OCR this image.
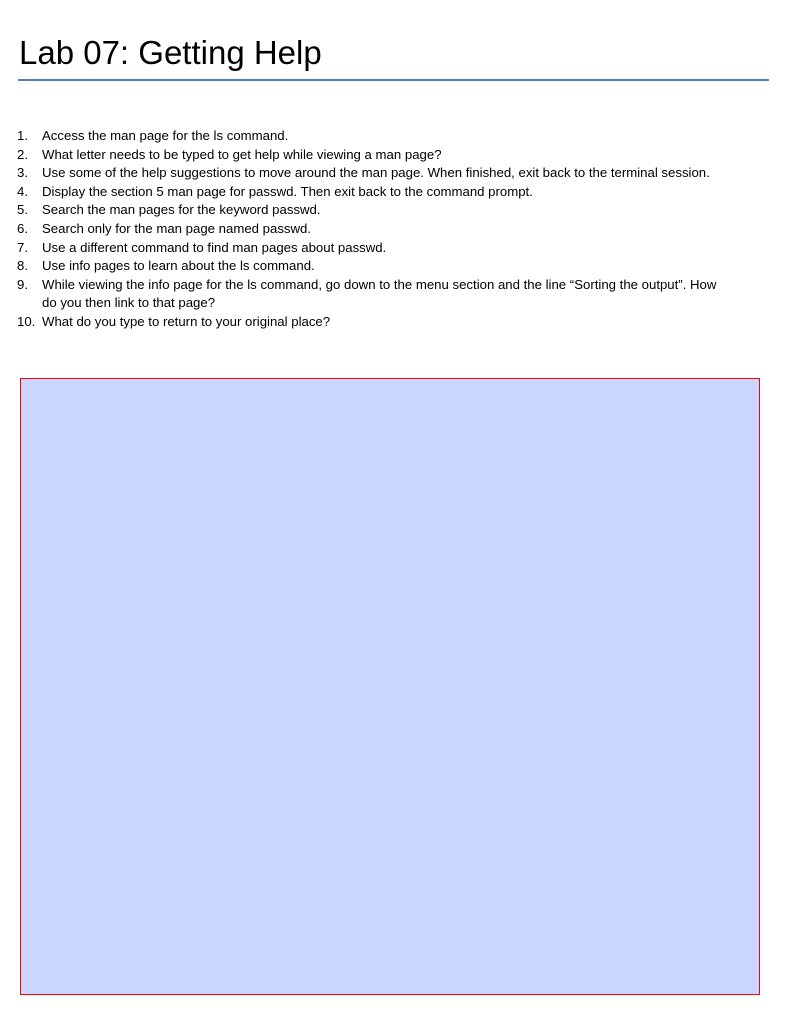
Lab 07: Getting Help
1. Access the man page for the ls command.
2. What letter needs to be typed to get help while viewing a man page?
3. Use some of the help suggestions to move around the man page. When finished, exit back to the terminal session.
4. Display the section 5 man page for passwd. Then exit back to the command prompt.
5. Search the man pages for the keyword passwd.
6. Search only for the man page named passwd.
7. Use a different command to find man pages about passwd.
8. Use info pages to learn about the ls command.
9. While viewing the info page for the ls command, go down to the menu section and the line “Sorting the output”. How do you then link to that page?
10. What do you type to return to your original place?
